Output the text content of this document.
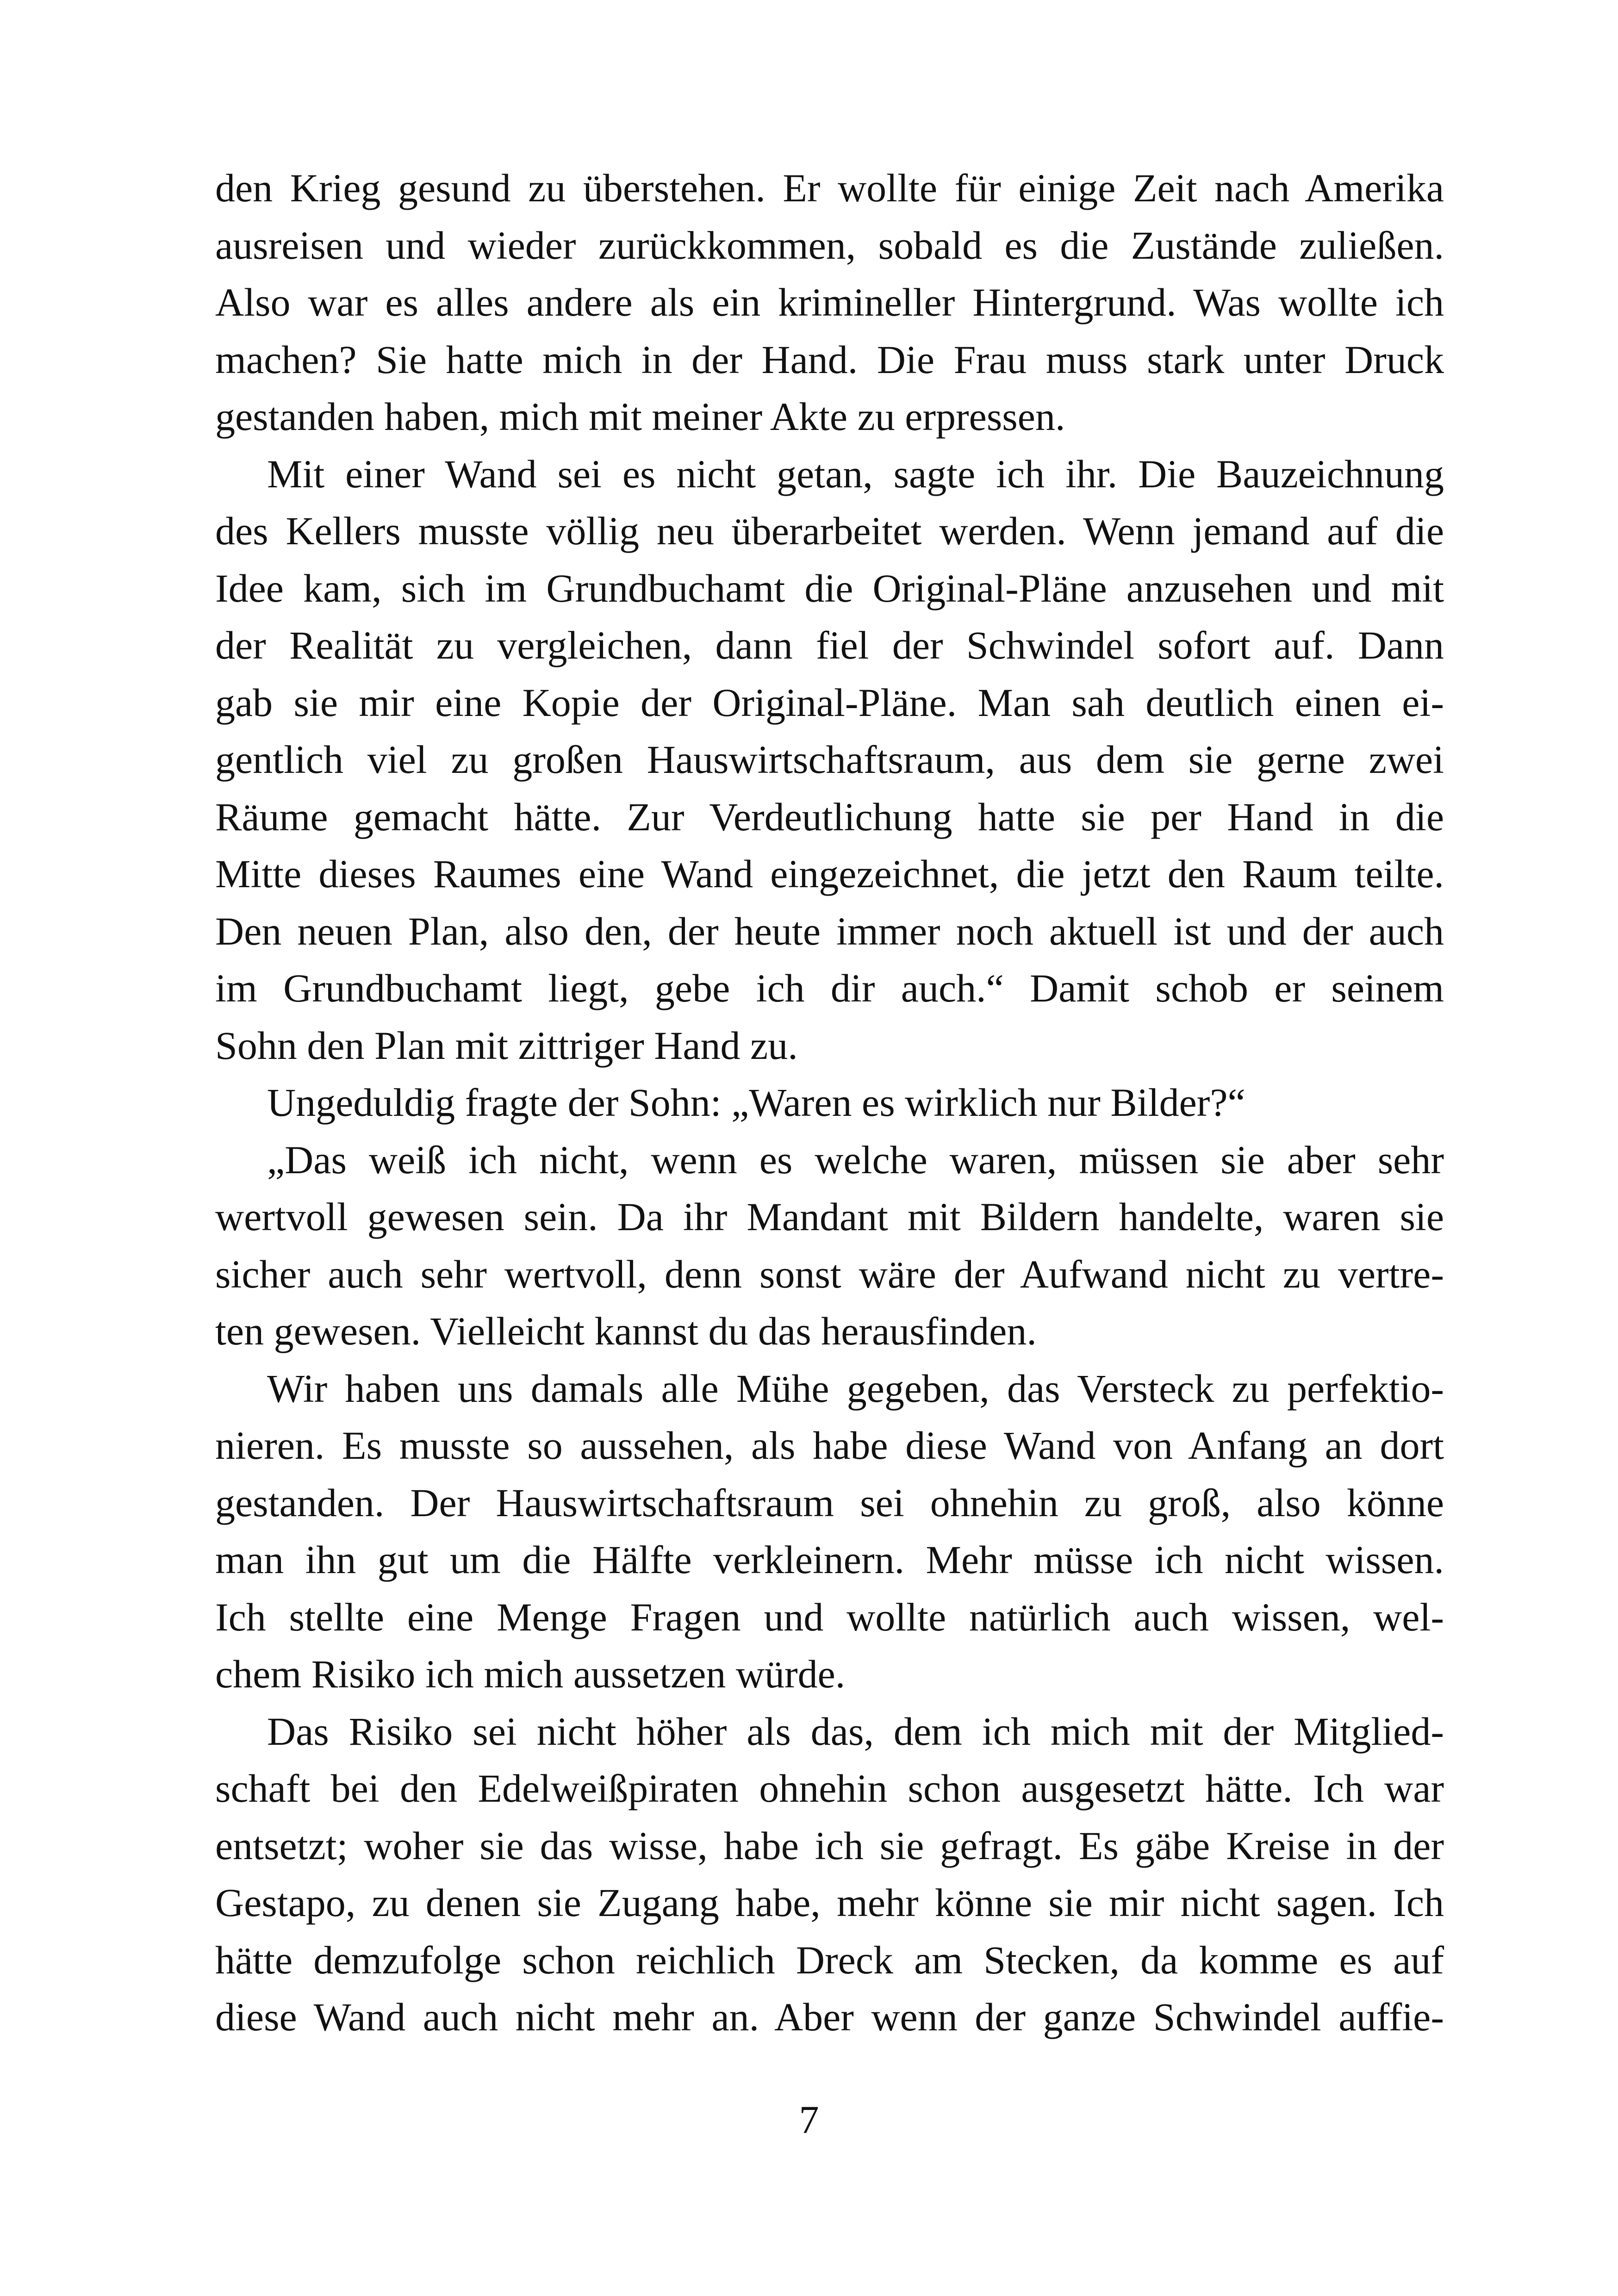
den Krieg gesund zu überstehen. Er wollte für einige Zeit nach Amerika
ausreisen und wieder zurückkommen, sobald es die Zustände zuließen.
Also war es alles andere als ein krimineller Hintergrund. Was wollte ich
machen? Sie hatte mich in der Hand. Die Frau muss stark unter Druck
gestanden haben, mich mit meiner Akte zu erpressen.
Mit einer Wand sei es nicht getan, sagte ich ihr. Die Bauzeichnung
des Kellers musste völlig neu überarbeitet werden. Wenn jemand auf die
Idee kam, sich im Grundbuchamt die Original-Pläne anzusehen und mit
der Realität zu vergleichen, dann fiel der Schwindel sofort auf. Dann
gab sie mir eine Kopie der Original-Pläne. Man sah deutlich einen ei-
gentlich viel zu großen Hauswirtschaftsraum, aus dem sie gerne zwei
Räume gemacht hätte. Zur Verdeutlichung hatte sie per Hand in die
Mitte dieses Raumes eine Wand eingezeichnet, die jetzt den Raum teilte.
Den neuen Plan, also den, der heute immer noch aktuell ist und der auch
im Grundbuchamt liegt, gebe ich dir auch.“ Damit schob er seinem
Sohn den Plan mit zittriger Hand zu.
Ungeduldig fragte der Sohn: „Waren es wirklich nur Bilder?“
„Das weiß ich nicht, wenn es welche waren, müssen sie aber sehr
wertvoll gewesen sein. Da ihr Mandant mit Bildern handelte, waren sie
sicher auch sehr wertvoll, denn sonst wäre der Aufwand nicht zu vertre-
ten gewesen. Vielleicht kannst du das herausfinden.
Wir haben uns damals alle Mühe gegeben, das Versteck zu perfektio-
nieren. Es musste so aussehen, als habe diese Wand von Anfang an dort
gestanden. Der Hauswirtschaftsraum sei ohnehin zu groß, also könne
man ihn gut um die Hälfte verkleinern. Mehr müsse ich nicht wissen.
Ich stellte eine Menge Fragen und wollte natürlich auch wissen, wel-
chem Risiko ich mich aussetzen würde.
Das Risiko sei nicht höher als das, dem ich mich mit der Mitglied-
schaft bei den Edelweißpiraten ohnehin schon ausgesetzt hätte. Ich war
entsetzt; woher sie das wisse, habe ich sie gefragt. Es gäbe Kreise in der
Gestapo, zu denen sie Zugang habe, mehr könne sie mir nicht sagen. Ich
hätte demzufolge schon reichlich Dreck am Stecken, da komme es auf
diese Wand auch nicht mehr an. Aber wenn der ganze Schwindel auffie-
7
